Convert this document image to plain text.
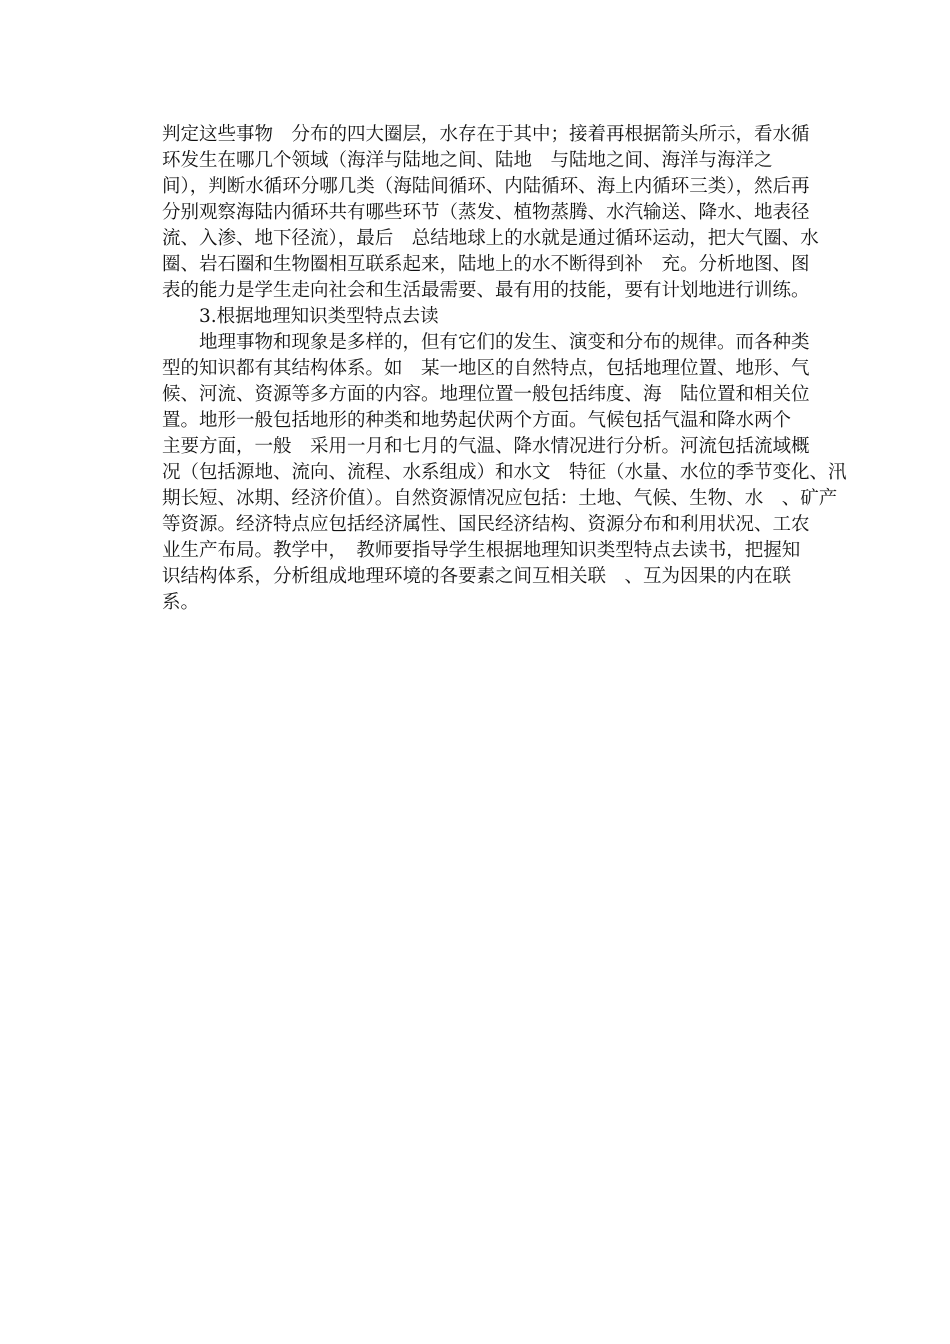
判定这些事物　分布的四大圈层，水存在于其中；接着再根据箭头所示，看水循
环发生在哪几个领域（海洋与陆地之间、陆地　与陆地之间、海洋与海洋之
间），判断水循环分哪几类（海陆间循环、内陆循环、海上内循环三类），然后再
分别观察海陆内循环共有哪些环节（蒸发、植物蒸腾、水汽输送、降水、地表径
流、入渗、地下径流），最后　总结地球上的水就是通过循环运动，把大气圈、水
圈、岩石圈和生物圈相互联系起来，陆地上的水不断得到补　充。分析地图、图
表的能力是学生走向社会和生活最需要、最有用的技能，要有计划地进行训练。
3.根据地理知识类型特点去读
地理事物和现象是多样的，但有它们的发生、演变和分布的规律。而各种类
型的知识都有其结构体系。如　某一地区的自然特点，包括地理位置、地形、气
候、河流、资源等多方面的内容。地理位置一般包括纬度、海　陆位置和相关位
置。地形一般包括地形的种类和地势起伏两个方面。气候包括气温和降水两个
主要方面，一般　采用一月和七月的气温、降水情况进行分析。河流包括流域概
况（包括源地、流向、流程、水系组成）和水文　特征（水量、水位的季节变化、汛
期长短、冰期、经济价值）。自然资源情况应包括：土地、气候、生物、水　、矿产
等资源。经济特点应包括经济属性、国民经济结构、资源分布和利用状况、工农
业生产布局。教学中，　教师要指导学生根据地理知识类型特点去读书，把握知
识结构体系，分析组成地理环境的各要素之间互相关联　、互为因果的内在联
系。
